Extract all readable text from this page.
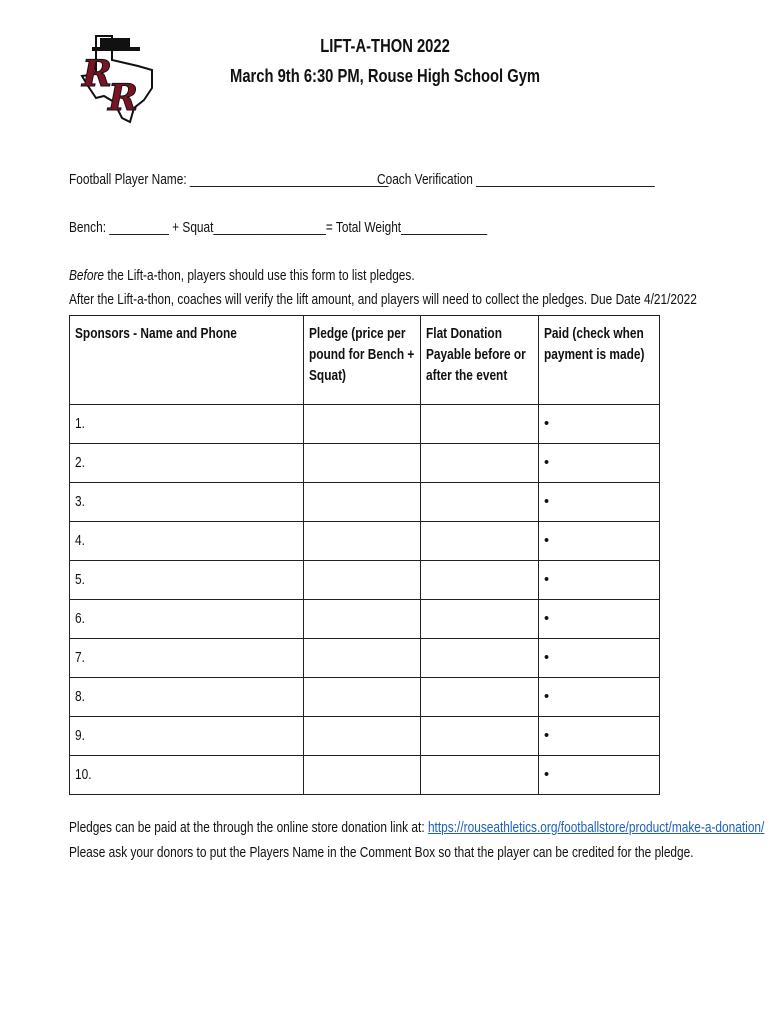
R
R
LIFT-A-THON 2022
March 9th 6:30 PM, Rouse High School Gym
Football Player Name: ______________________________
Coach Verification ___________________________
Bench: _________ + Squat_________________= Total Weight_____________
Before the Lift-a-thon, players should use this form to list pledges.
After the Lift-a-thon, coaches will verify the lift amount, and players will need to collect the pledges. Due Date 4/21/2022
Sponsors - Name and Phone	Pledge (price per pound for Bench + Squat)	Flat Donation Payable before or after the event	Paid (check when payment is made)

1.			•
2.			•
3.			•
4.			•
5.			•
6.			•
7.			•
8.			•
9.			•
10.			•
Pledges can be paid at the through the online store donation link at: https://rouseathletics.org/footballstore/product/make-a-donation/
Please ask your donors to put the Players Name in the Comment Box so that the player can be credited for the pledge.
